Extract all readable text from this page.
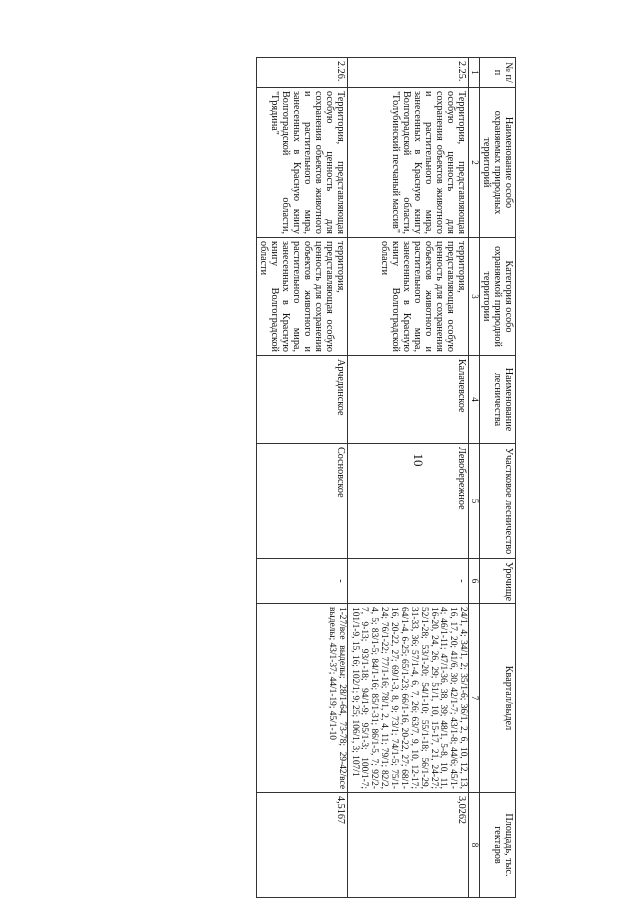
10
№ п/п	Наименование особо охраняемых природных территорий	Категория особо охраняемой природной территории	Наименование лесничества	Участковое лесничество	Урочище	Квартал/выдел	Площадь, тыс. гектаров
1	2	3	4	5	6	7	8
2.25.	Территория, представляющая особую ценность для сохранения объектов животного и растительного мира, занесенных в Красную книгу Волгоградской области, "Голубинский песчаный массив"	территория, представляющая особую ценность для сохранения объектов животного и растительного мира, занесенных в Красную книгу Волгоградской области	Калачевское	Левобережное	-	24/1, 4; 34/1, 2; 35/1-6; 36/1, 2, 6, 10, 12, 13, 16, 17, 20; 41/6, 30; 42/1-7; 43/1-8; 44/6; 45/1-4; 46/1-11; 47/1-36, 38, 39; 48/1, 5-8, 10, 11, 16-20, 24, 26, 29; 51/1, 10, 15-17, 21, 24-27; 52/1-28; 53/1-20; 54/1-10; 55/1-18; 56/1-29, 31-33, 36; 57/1-4, 6, 7, 26; 63/7, 9, 10, 12-17; 64/1-4, 6-25; 65/1-23; 66/1-16, 20-22, 27; 68/1-16, 20-22, 27; 69/1-3, 8, 9; 73/1; 74/1-5; 75/1-24; 76/1-22; 77/1-16; 78/1, 2, 4, 11; 79/1; 82/2, 4, 5; 83/1-5; 84/1-16; 85/1-31; 86/1-5, 7; 92/2-7, 9-13; 93/1-18; 94/1-9; 95/1-3; 100/1-7; 101/1-9, 15, 16; 102/1; 9; 25; 106/1, 3; 107/1	3,0262
2.26.	Территория, представляющая особую ценность для сохранения объектов животного и растительного мира, занесенных в Красную книгу Волгоградской области, "Грядина"	территория, представляющая особую ценность для сохранения объектов животного и растительного мира, занесенных в Красную книгу Волгоградской области	Арчединское	Сосновское	-	1-27/все выделы; 28/1-64, 73-78; 29-42/все выделы; 43/1-37; 44/1-19; 45/1-10	4,5167
